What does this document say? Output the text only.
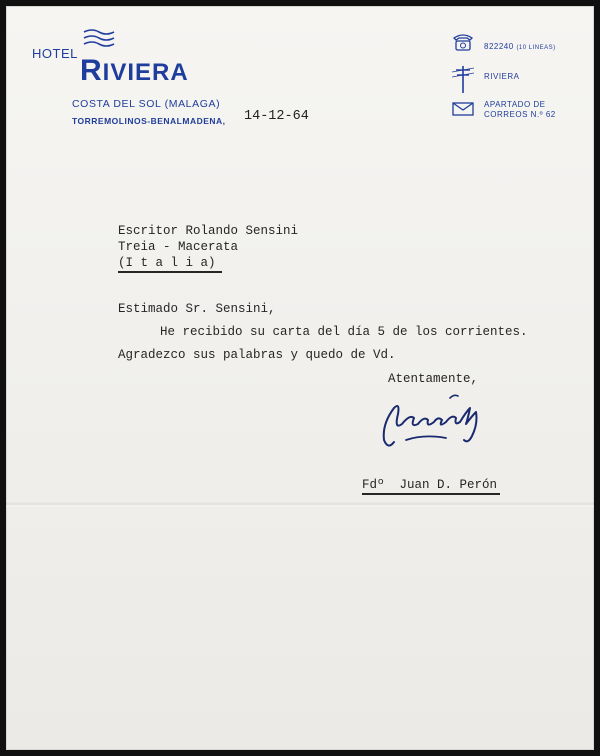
HOTEL
RIVIERA
COSTA DEL SOL (MALAGA)
TORREMOLINOS-BENALMADENA, 14-12-64
822240 (10 LINEAS)
RIVIERA
APARTADO DE
CORREOS N.º 62
Escritor Rolando Sensini
Treia - Macerata
(I t a l i a)
Estimado Sr. Sensini,
He recibido su carta del día 5 de los corrientes.
Agradezco sus palabras y quedo de Vd.
Atentamente,
Fdº  Juan D. Perón
